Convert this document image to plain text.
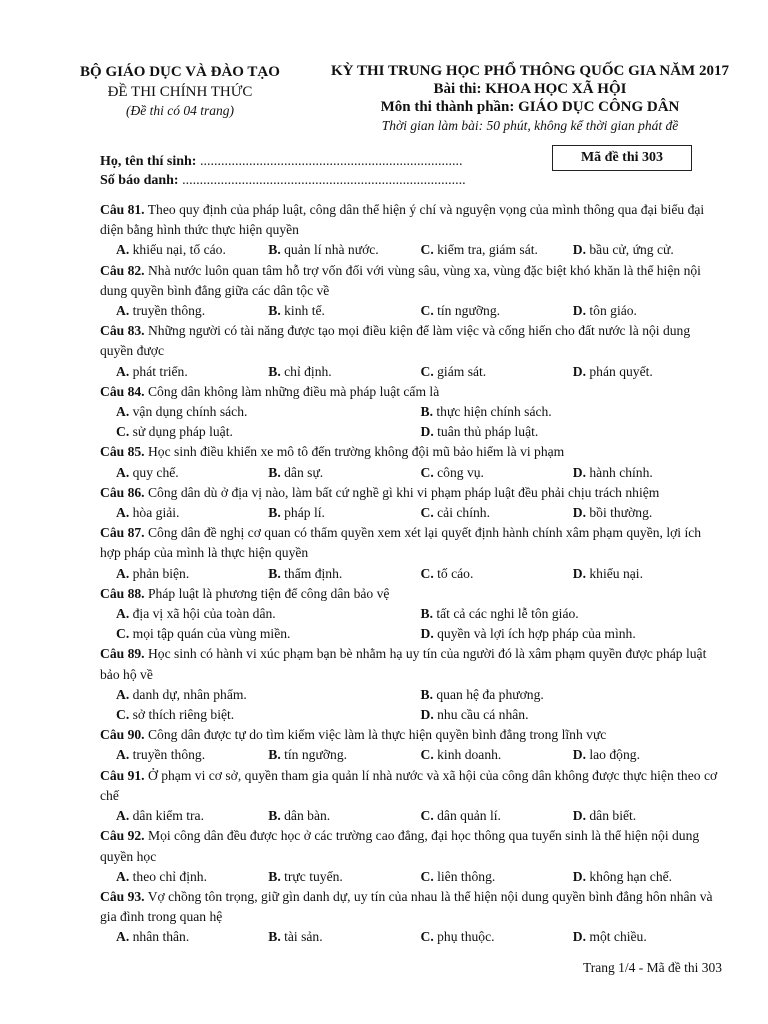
BỘ GIÁO DỤC VÀ ĐÀO TẠO
ĐỀ THI CHÍNH THỨC
(Đề thi có 04 trang)
KỲ THI TRUNG HỌC PHỔ THÔNG QUỐC GIA NĂM 2017
Bài thi: KHOA HỌC XÃ HỘI
Môn thi thành phần: GIÁO DỤC CÔNG DÂN
Thời gian làm bài: 50 phút, không kể thời gian phát đề
Họ, tên thí sinh: ...........................................................................
Số báo danh: .................................................................................
Mã đề thi 303
Câu 81. Theo quy định của pháp luật, công dân thể hiện ý chí và nguyện vọng của mình thông qua đại biểu đại diện bằng hình thức thực hiện quyền
A. khiếu nại, tố cáo.	B. quản lí nhà nước.	C. kiểm tra, giám sát.	D. bầu cử, ứng cử.
Câu 82. Nhà nước luôn quan tâm hỗ trợ vốn đối với vùng sâu, vùng xa, vùng đặc biệt khó khăn là thể hiện nội dung quyền bình đẳng giữa các dân tộc về
A. truyền thông.	B. kinh tế.	C. tín ngưỡng.	D. tôn giáo.
Câu 83. Những người có tài năng được tạo mọi điều kiện để làm việc và cống hiến cho đất nước là nội dung quyền được
A. phát triển.	B. chỉ định.	C. giám sát.	D. phán quyết.
Câu 84. Công dân không làm những điều mà pháp luật cấm là
A. vận dụng chính sách.	B. thực hiện chính sách.
C. sử dụng pháp luật.	D. tuân thủ pháp luật.
Câu 85. Học sinh điều khiển xe mô tô đến trường không đội mũ bảo hiểm là vi phạm
A. quy chế.	B. dân sự.	C. công vụ.	D. hành chính.
Câu 86. Công dân dù ở địa vị nào, làm bất cứ nghề gì khi vi phạm pháp luật đều phải chịu trách nhiệm
A. hòa giải.	B. pháp lí.	C. cải chính.	D. bồi thường.
Câu 87. Công dân đề nghị cơ quan có thẩm quyền xem xét lại quyết định hành chính xâm phạm quyền, lợi ích hợp pháp của mình là thực hiện quyền
A. phản biện.	B. thẩm định.	C. tố cáo.	D. khiếu nại.
Câu 88. Pháp luật là phương tiện để công dân bảo vệ
A. địa vị xã hội của toàn dân.	B. tất cả các nghi lễ tôn giáo.
C. mọi tập quán của vùng miền.	D. quyền và lợi ích hợp pháp của mình.
Câu 89. Học sinh có hành vi xúc phạm bạn bè nhằm hạ uy tín của người đó là xâm phạm quyền được pháp luật bảo hộ về
A. danh dự, nhân phẩm.	B. quan hệ đa phương.
C. sở thích riêng biệt.	D. nhu cầu cá nhân.
Câu 90. Công dân được tự do tìm kiếm việc làm là thực hiện quyền bình đẳng trong lĩnh vực
A. truyền thông.	B. tín ngưỡng.	C. kinh doanh.	D. lao động.
Câu 91. Ở phạm vi cơ sở, quyền tham gia quản lí nhà nước và xã hội của công dân không được thực hiện theo cơ chế
A. dân kiểm tra.	B. dân bàn.	C. dân quản lí.	D. dân biết.
Câu 92. Mọi công dân đều được học ở các trường cao đẳng, đại học thông qua tuyển sinh là thể hiện nội dung quyền học
A. theo chỉ định.	B. trực tuyến.	C. liên thông.	D. không hạn chế.
Câu 93. Vợ chồng tôn trọng, giữ gìn danh dự, uy tín của nhau là thể hiện nội dung quyền bình đẳng hôn nhân và gia đình trong quan hệ
A. nhân thân.	B. tài sản.	C. phụ thuộc.	D. một chiều.
Trang 1/4 - Mã đề thi 303
